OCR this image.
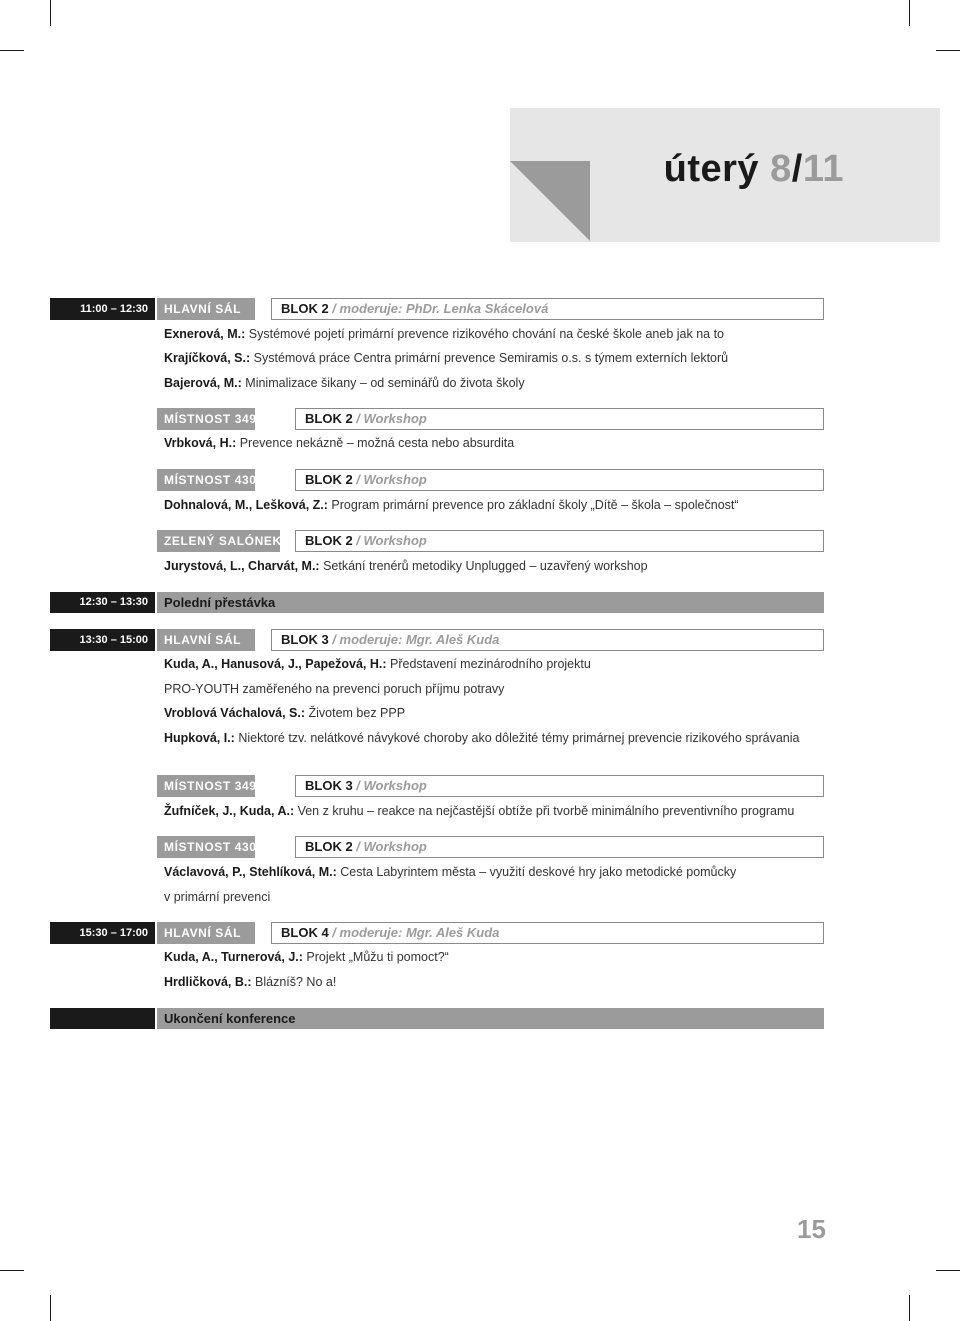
úterý 8/11
11:00 – 12:30	HLAVNÍ SÁL	BLOK 2 / moderuje: PhDr. Lenka Skácelová
Exnerová, M.: Systémové pojetí primární prevence rizikového chování na české škole aneb jak na to
Krajíčková, S.: Systémová práce Centra primární prevence Semiramis o.s. s týmem externích lektorů
Bajerová, M.: Minimalizace šikany – od seminářů do života školy
MÍSTNOST 349	BLOK 2 / Workshop
Vrbková, H.: Prevence nekázně – možná cesta nebo absurdita
MÍSTNOST 430	BLOK 2 / Workshop
Dohnalová, M., Lešková, Z.: Program primární prevence pro základní školy „Dítě – škola – společnost“
ZELENÝ SALÓNEK	BLOK 2 / Workshop
Jurystová, L., Charvát, M.: Setkání trenérů metodiky Unplugged – uzavřený workshop
12:30 – 13:30	Polední přestávka
13:30 – 15:00	HLAVNÍ SÁL	BLOK 3 / moderuje: Mgr. Aleš Kuda
Kuda, A., Hanusová, J., Papežová, H.: Představení mezinárodního projektu
PRO-YOUTH zaměřeného na prevenci poruch příjmu potravy
Vroblová Váchalová, S.: Životem bez PPP
Hupková, I.: Niektoré tzv. nelátkové návykové choroby ako dôležité témy primárnej prevencie rizikového správania
MÍSTNOST 349	BLOK 3 / Workshop
Žufníček, J., Kuda, A.: Ven z kruhu – reakce na nejčastější obtíže při tvorbě minimálního preventivního programu
MÍSTNOST 430	BLOK 2 / Workshop
Václavová, P., Stehlíková, M.: Cesta Labyrintem města – využití deskové hry jako metodické pomůcky
v primární prevenci
15:30 – 17:00	HLAVNÍ SÁL	BLOK 4 / moderuje: Mgr. Aleš Kuda
Kuda, A., Turnerová, J.: Projekt „Můžu ti pomoct?“
Hrdličková, B.: Blázníš? No a!
Ukončení konference
15
